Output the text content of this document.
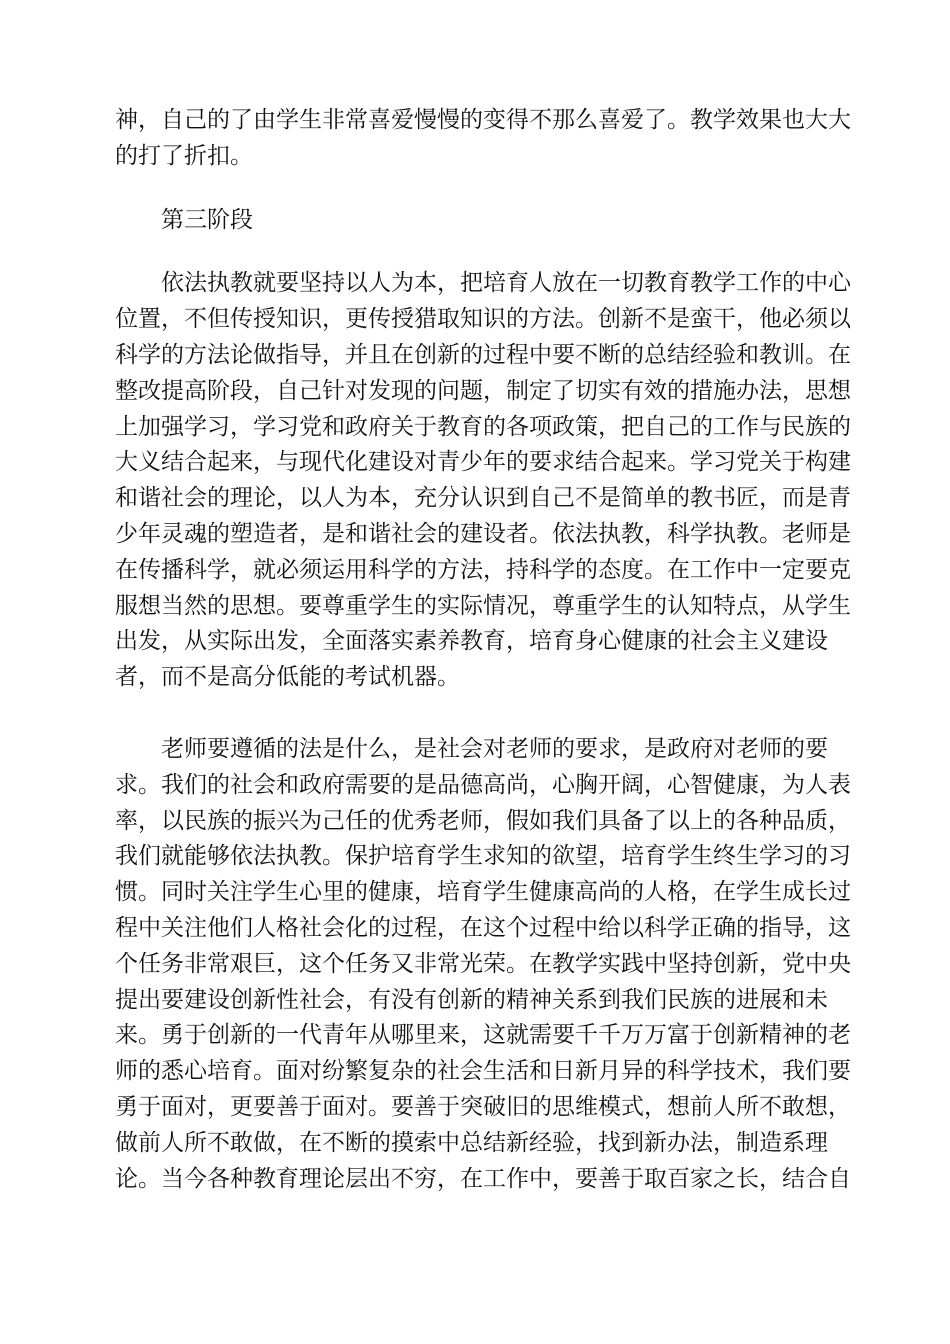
神，自己的了由学生非常喜爱慢慢的变得不那么喜爱了。教学效果也大大
的打了折扣。

第三阶段

依法执教就要坚持以人为本，把培育人放在一切教育教学工作的中心
位置，不但传授知识，更传授猎取知识的方法。创新不是蛮干，他必须以
科学的方法论做指导，并且在创新的过程中要不断的总结经验和教训。在
整改提高阶段，自己针对发现的问题，制定了切实有效的措施办法，思想
上加强学习，学习党和政府关于教育的各项政策，把自己的工作与民族的
大义结合起来，与现代化建设对青少年的要求结合起来。学习党关于构建
和谐社会的理论，以人为本，充分认识到自己不是简单的教书匠，而是青
少年灵魂的塑造者，是和谐社会的建设者。依法执教，科学执教。老师是
在传播科学，就必须运用科学的方法，持科学的态度。在工作中一定要克
服想当然的思想。要尊重学生的实际情况，尊重学生的认知特点，从学生
出发，从实际出发，全面落实素养教育，培育身心健康的社会主义建设
者，而不是高分低能的考试机器。

老师要遵循的法是什么，是社会对老师的要求，是政府对老师的要
求。我们的社会和政府需要的是品德高尚，心胸开阔，心智健康，为人表
率，以民族的振兴为己任的优秀老师，假如我们具备了以上的各种品质，
我们就能够依法执教。保护培育学生求知的欲望，培育学生终生学习的习
惯。同时关注学生心里的健康，培育学生健康高尚的人格，在学生成长过
程中关注他们人格社会化的过程，在这个过程中给以科学正确的指导，这
个任务非常艰巨，这个任务又非常光荣。在教学实践中坚持创新，党中央
提出要建设创新性社会，有没有创新的精神关系到我们民族的进展和未
来。勇于创新的一代青年从哪里来，这就需要千千万万富于创新精神的老
师的悉心培育。面对纷繁复杂的社会生活和日新月异的科学技术，我们要
勇于面对，更要善于面对。要善于突破旧的思维模式，想前人所不敢想，
做前人所不敢做，在不断的摸索中总结新经验，找到新办法，制造系理
论。当今各种教育理论层出不穷，在工作中，要善于取百家之长，结合自
